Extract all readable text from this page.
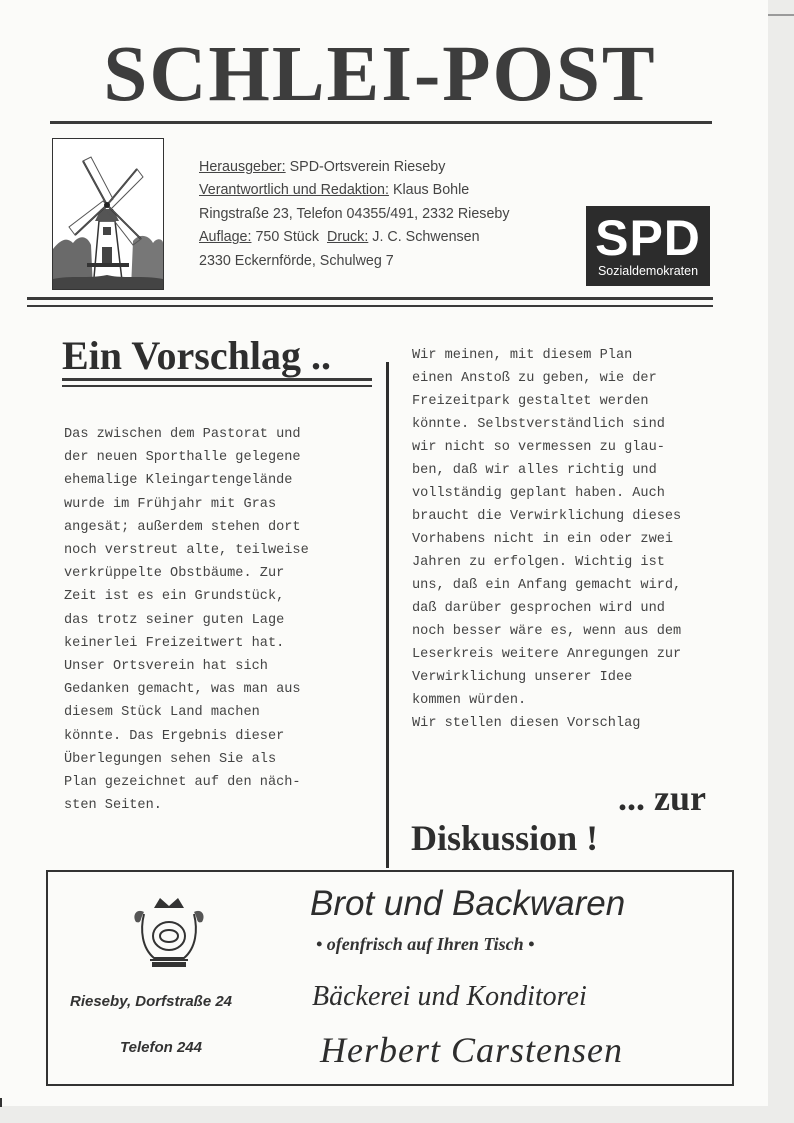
SCHLEI-POST
Herausgeber: SPD-Ortsverein Rieseby
Verantwortlich und Redaktion: Klaus Bohle
Ringstraße 23, Telefon 04355/491, 2332 Rieseby
Auflage: 750 Stück Druck: J. C. Schwensen
2330 Eckernförde, Schulweg 7	SPD
Sozialdemokraten
Ein Vorschlag ..
Das zwischen dem Pastorat und
der neuen Sporthalle gelegene
ehemalige Kleingartengelände
wurde im Frühjahr mit Gras
angesät; außerdem stehen dort
noch verstreut alte, teilweise
verkrüppelte Obstbäume. Zur
Zeit ist es ein Grundstück,
das trotz seiner guten Lage
keinerlei Freizeitwert hat.
Unser Ortsverein hat sich
Gedanken gemacht, was man aus
diesem Stück Land machen
könnte. Das Ergebnis dieser
Überlegungen sehen Sie als
Plan gezeichnet auf den näch-
sten Seiten.
Wir meinen, mit diesem Plan
einen Anstoß zu geben, wie der
Freizeitpark gestaltet werden
könnte. Selbstverständlich sind
wir nicht so vermessen zu glau-
ben, daß wir alles richtig und
vollständig geplant haben. Auch
braucht die Verwirklichung dieses
Vorhabens nicht in ein oder zwei
Jahren zu erfolgen. Wichtig ist
uns, daß ein Anfang gemacht wird,
daß darüber gesprochen wird und
noch besser wäre es, wenn aus dem
Leserkreis weitere Anregungen zur
Verwirklichung unserer Idee
kommen würden.
Wir stellen diesen Vorschlag
... zur
Diskussion !
Brot und Backwaren
• ofenfrisch auf Ihren Tisch •
Rieseby, Dorfstraße 24
Telefon 244
Bäckerei und Konditorei
Herbert Carstensen
